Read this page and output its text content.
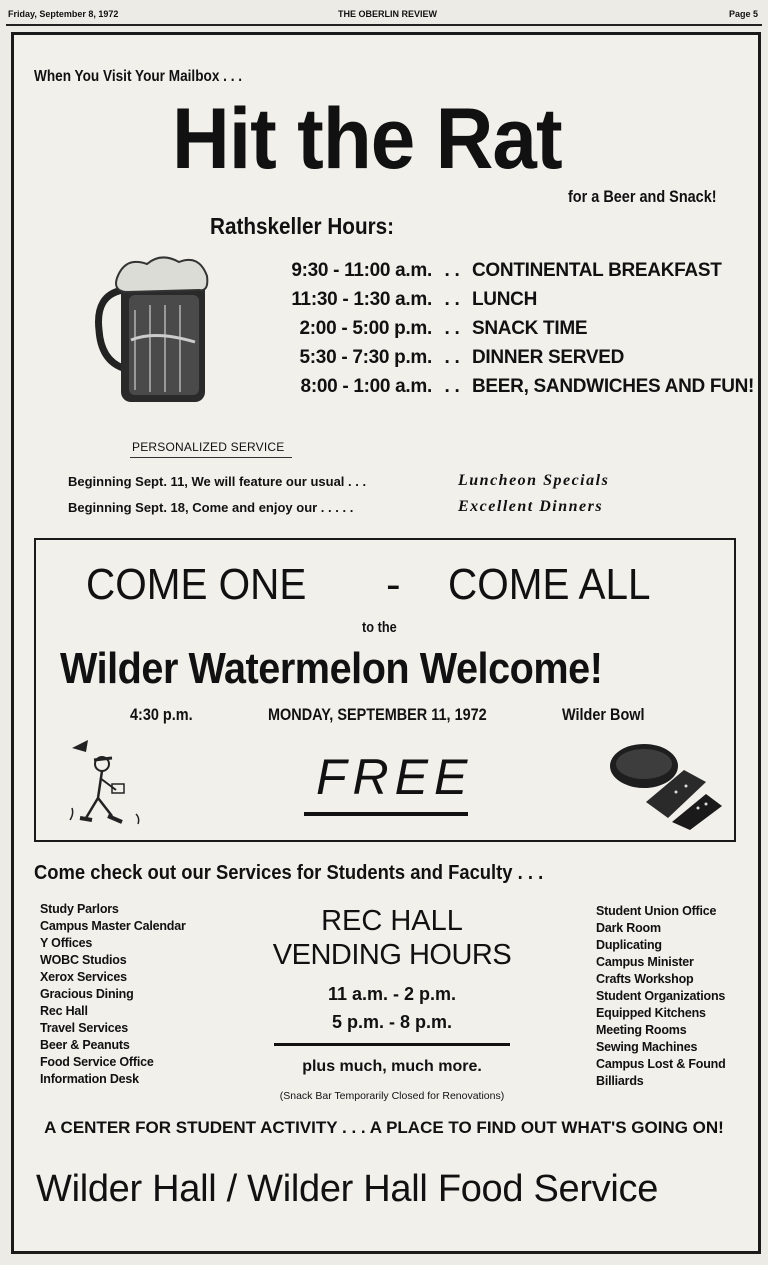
Friday, September 8, 1972	THE OBERLIN REVIEW	Page 5
When You Visit Your Mailbox . . .
Hit the Rat
for a Beer and Snack!
Rathskeller Hours:
9:30 - 11:00 a.m. . . CONTINENTAL BREAKFAST
11:30 - 1:30 a.m. . . LUNCH
2:00 - 5:00 p.m. . . SNACK TIME
5:30 - 7:30 p.m. . . DINNER SERVED
8:00 - 1:00 a.m. . . BEER, SANDWICHES AND FUN!
PERSONALIZED SERVICE
Beginning Sept. 11, We will feature our usual . . .	Luncheon Specials
Beginning Sept. 18, Come and enjoy our . . . . .	Excellent Dinners
COME ONE - COME ALL
to the
Wilder Watermelon Welcome!
4:30 p.m.	MONDAY, SEPTEMBER 11, 1972	Wilder Bowl
FREE
Come check out our Services for Students and Faculty . . .
Study Parlors
Campus Master Calendar
Y Offices
WOBC Studios
Xerox Services
Gracious Dining
Rec Hall
Travel Services
Beer & Peanuts
Food Service Office
Information Desk
Student Union Office
Dark Room
Duplicating
Campus Minister
Crafts Workshop
Student Organizations
Equipped Kitchens
Meeting Rooms
Sewing Machines
Campus Lost & Found
Billiards
REC HALL
VENDING HOURS
11 a.m. - 2 p.m.
5 p.m. - 8 p.m.
plus much, much more.
(Snack Bar Temporarily Closed for Renovations)
A CENTER FOR STUDENT ACTIVITY . . . A PLACE TO FIND OUT WHAT'S GOING ON!
Wilder Hall / Wilder Hall Food Service
